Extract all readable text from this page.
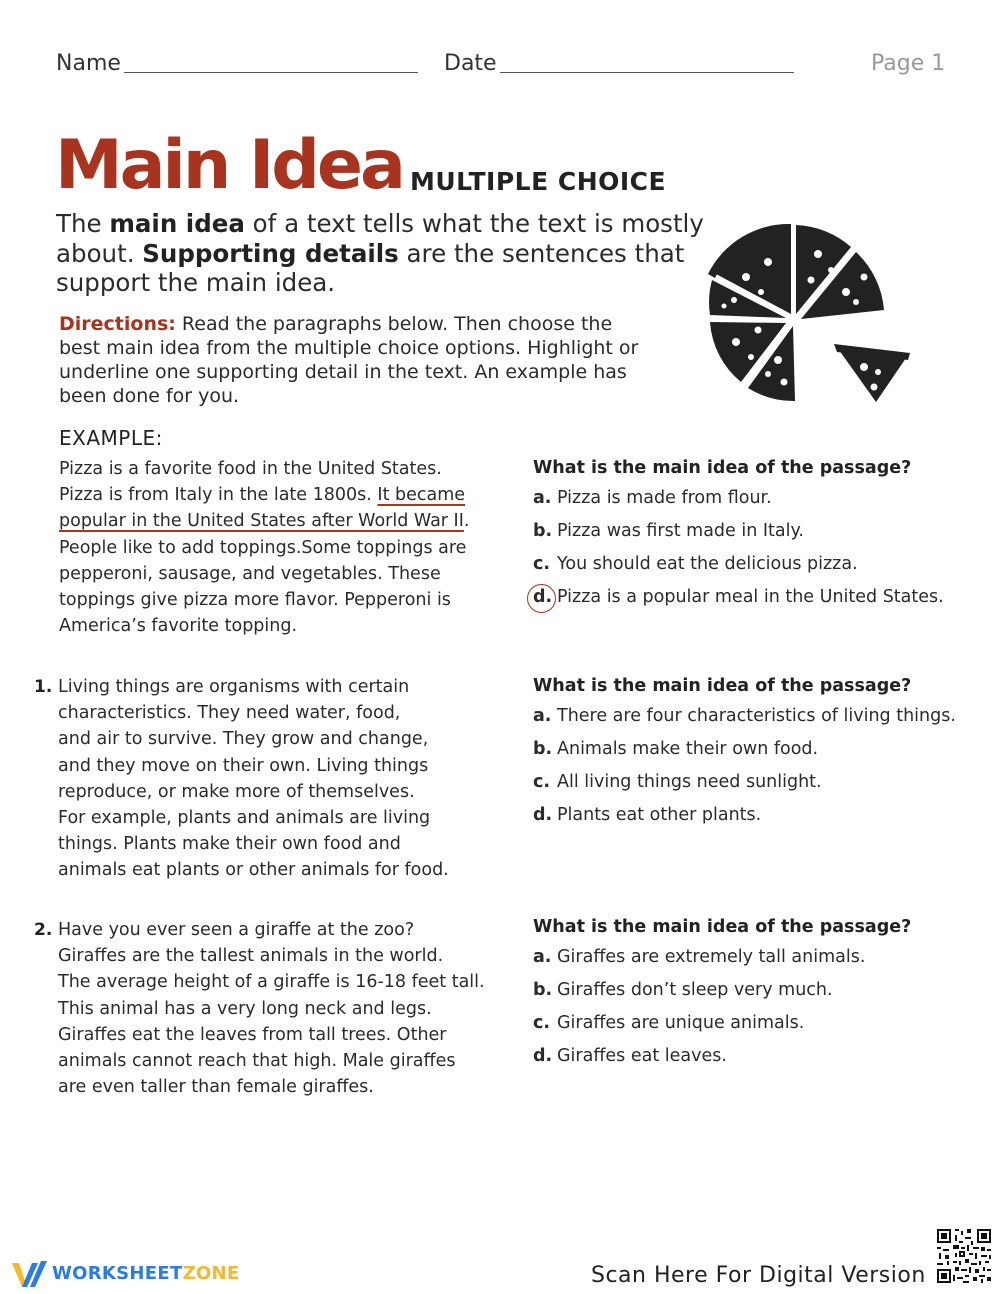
Name	Date	Page 1
Main Idea MULTIPLE CHOICE
The main idea of a text tells what the text is mostly about. Supporting details are the sentences that support the main idea.
Directions: Read the paragraphs below. Then choose the best main idea from the multiple choice options. Highlight or underline one supporting detail in the text. An example has been done for you.
EXAMPLE:
Pizza is a favorite food in the United States.
Pizza is from Italy in the late 1800s. It became
popular in the United States after World War II.
People like to add toppings.Some toppings are
pepperoni, sausage, and vegetables. These
toppings give pizza more flavor. Pepperoni is
America’s favorite topping.
What is the main idea of the passage?
a. Pizza is made from flour.
b. Pizza was first made in Italy.
c. You should eat the delicious pizza.
d. Pizza is a popular meal in the United States.
1. Living things are organisms with certain
characteristics. They need water, food,
and air to survive. They grow and change,
and they move on their own. Living things
reproduce, or make more of themselves.
For example, plants and animals are living
things. Plants make their own food and
animals eat plants or other animals for food.
What is the main idea of the passage?
a. There are four characteristics of living things.
b. Animals make their own food.
c. All living things need sunlight.
d. Plants eat other plants.
2. Have you ever seen a giraffe at the zoo?
Giraffes are the tallest animals in the world.
The average height of a giraffe is 16-18 feet tall.
This animal has a very long neck and legs.
Giraffes eat the leaves from tall trees. Other
animals cannot reach that high. Male giraffes
are even taller than female giraffes.
What is the main idea of the passage?
a. Giraffes are extremely tall animals.
b. Giraffes don’t sleep very much.
c. Giraffes are unique animals.
d. Giraffes eat leaves.
WORKSHEETZONE	Scan Here For Digital Version
